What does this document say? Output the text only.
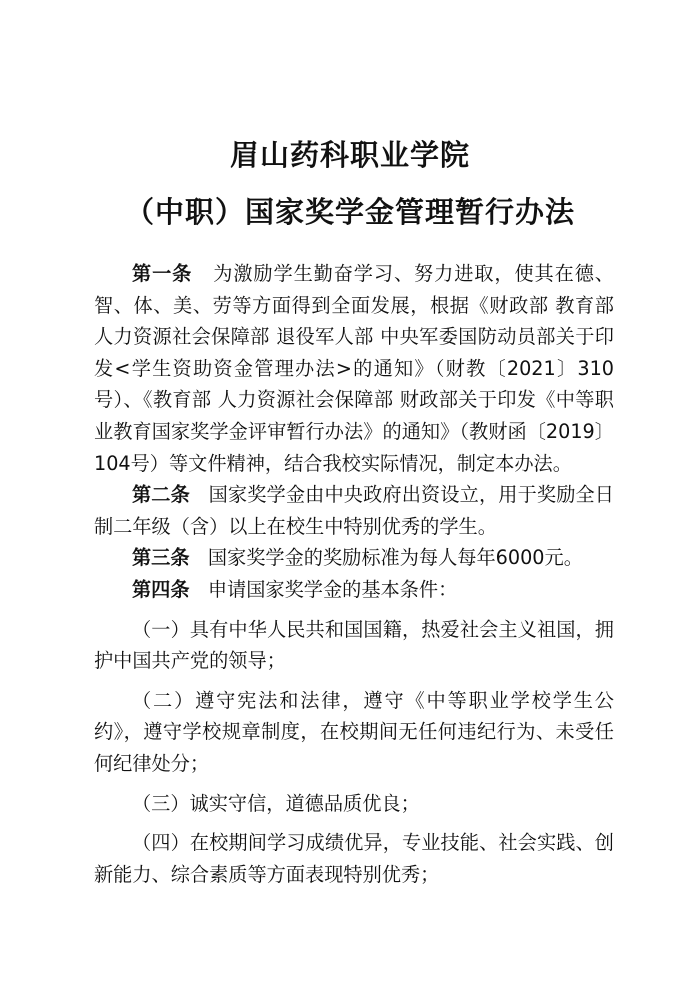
眉山药科职业学院
（中职）国家奖学金管理暂行办法

第一条 为激励学生勤奋学习、努力进取，使其在德、智、体、美、劳等方面得到全面发展，根据《财政部 教育部 人力资源社会保障部 退役军人部 中央军委国防动员部关于印发<学生资助资金管理办法>的通知》（财教〔2021〕310号）、《教育部 人力资源社会保障部 财政部关于印发《中等职业教育国家奖学金评审暂行办法》的通知》（教财函〔2019〕104号）等文件精神，结合我校实际情况，制定本办法。

第二条 国家奖学金由中央政府出资设立，用于奖励全日制二年级（含）以上在校生中特别优秀的学生。

第三条 国家奖学金的奖励标准为每人每年6000元。

第四条 申请国家奖学金的基本条件：

（一）具有中华人民共和国国籍，热爱社会主义祖国，拥护中国共产党的领导；

（二）遵守宪法和法律，遵守《中等职业学校学生公约》，遵守学校规章制度，在校期间无任何违纪行为、未受任何纪律处分；

（三）诚实守信，道德品质优良；

（四）在校期间学习成绩优异，专业技能、社会实践、创新能力、综合素质等方面表现特别优秀；
